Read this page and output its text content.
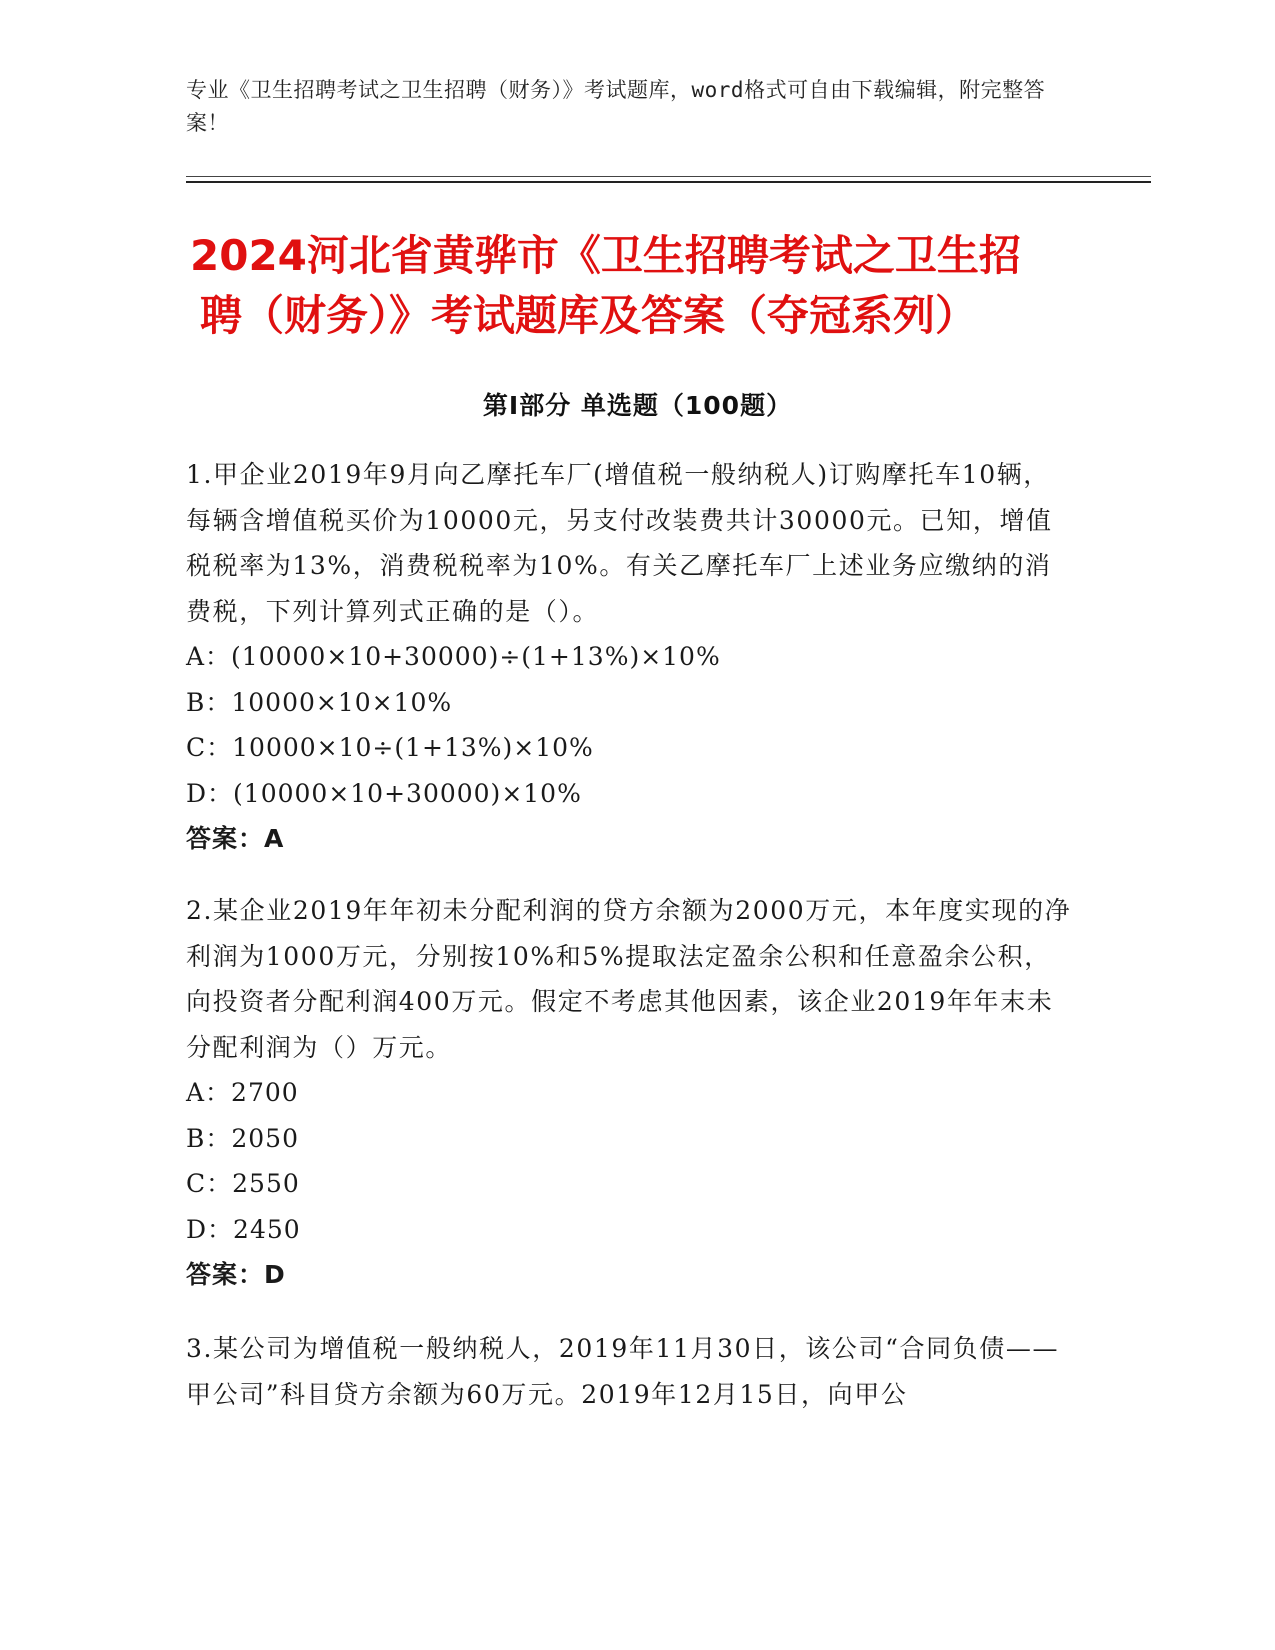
专业《卫生招聘考试之卫生招聘（财务）》考试题库，word格式可自由下载编辑，附完整答案！
2024河北省黄骅市《卫生招聘考试之卫生招
聘（财务）》考试题库及答案（夺冠系列）
第Ⅰ部分 单选题（100题）

1.甲企业2019年9月向乙摩托车厂(增值税一般纳税人)订购摩托车10辆，每辆含增值税买价为10000元，另支付改装费共计30000元。已知，增值税税率为13%，消费税税率为10%。有关乙摩托车厂上述业务应缴纳的消费税，下列计算列式正确的是（）。

A：(10000×10+30000)÷(1+13%)×10%

B：10000×10×10%

C：10000×10÷(1+13%)×10%

D：(10000×10+30000)×10%

答案：A

2.某企业2019年年初未分配利润的贷方余额为2000万元，本年度实现的净利润为1000万元，分别按10%和5%提取法定盈余公积和任意盈余公积，向投资者分配利润400万元。假定不考虑其他因素，该企业2019年年末未分配利润为（）万元。

A：2700

B：2050

C：2550

D：2450

答案：D

3.某公司为增值税一般纳税人，2019年11月30日，该公司“合同负债——甲公司”科目贷方余额为60万元。2019年12月15日，向甲公
